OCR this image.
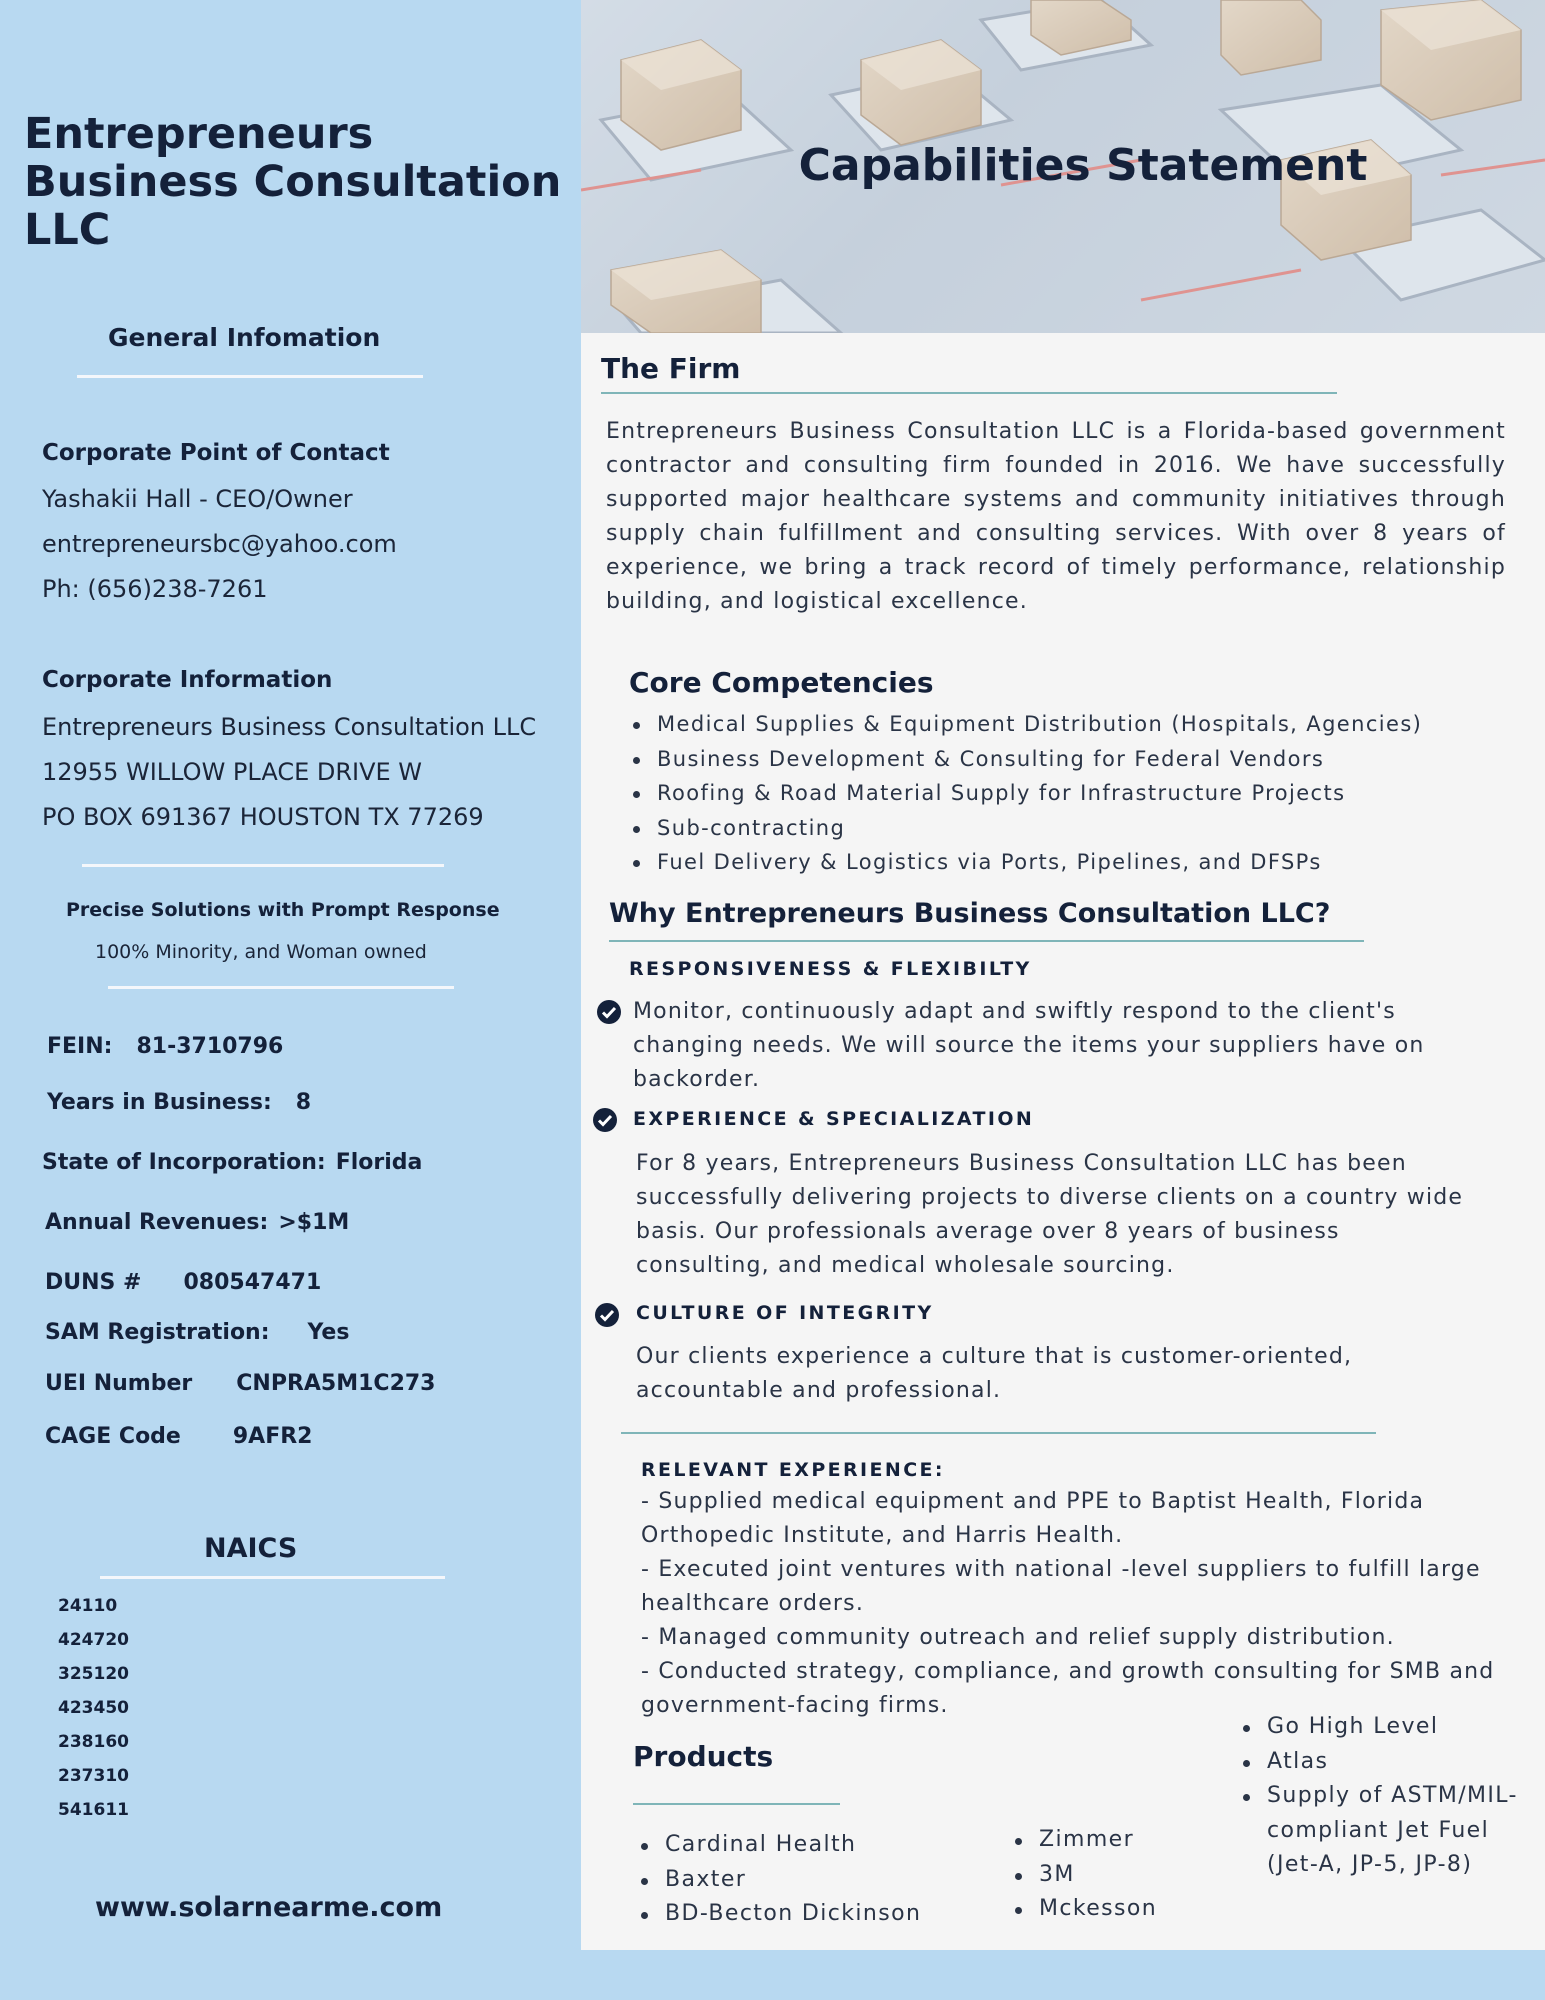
Entrepreneurs Business Consultation LLC
General Infomation
Corporate Point of Contact
Yashakii Hall - CEO/Owner
entrepreneursbc@yahoo.com
Ph: (656)238-7261
Corporate Information
Entrepreneurs Business Consultation LLC
12955 WILLOW PLACE DRIVE W
PO BOX 691367 HOUSTON TX 77269
Precise Solutions with Prompt Response
100% Minority, and Woman owned
FEIN: 81-3710796
Years in Business: 8
State of Incorporation: Florida
Annual Revenues: >$1M
DUNS # 080547471
SAM Registration: Yes
UEI Number CNPRA5M1C273
CAGE Code 9AFR2
NAICS
24110
424720
325120
423450
238160
237310
541611
www.solarnearme.com
Capabilities Statement
The Firm
Entrepreneurs Business Consultation LLC is a Florida-based government contractor and consulting firm founded in 2016. We have successfully supported major healthcare systems and community initiatives through supply chain fulfillment and consulting services. With over 8 years of experience, we bring a track record of timely performance, relationship building, and logistical excellence.
Core Competencies
Medical Supplies & Equipment Distribution (Hospitals, Agencies)
Business Development & Consulting for Federal Vendors
Roofing & Road Material Supply for Infrastructure Projects
Sub-contracting
Fuel Delivery & Logistics via Ports, Pipelines, and DFSPs
Why Entrepreneurs Business Consultation LLC?
RESPONSIVENESS & FLEXIBILTY
Monitor, continuously adapt and swiftly respond to the client's changing needs. We will source the items your suppliers have on backorder.
EXPERIENCE & SPECIALIZATION
For 8 years, Entrepreneurs Business Consultation LLC has been successfully delivering projects to diverse clients on a country wide basis. Our professionals average over 8 years of business consulting, and medical wholesale sourcing.
CULTURE OF INTEGRITY
Our clients experience a culture that is customer-oriented, accountable and professional.
RELEVANT EXPERIENCE:
- Supplied medical equipment and PPE to Baptist Health, Florida Orthopedic Institute, and Harris Health.
- Executed joint ventures with national -level suppliers to fulfill large healthcare orders.
- Managed community outreach and relief supply distribution.
- Conducted strategy, compliance, and growth consulting for SMB and government-facing firms.
Products
Cardinal Health
Baxter
BD-Becton Dickinson
Zimmer
3M
Mckesson
Go High Level
Atlas
Supply of ASTM/MIL-compliant Jet Fuel (Jet-A, JP-5, JP-8)
